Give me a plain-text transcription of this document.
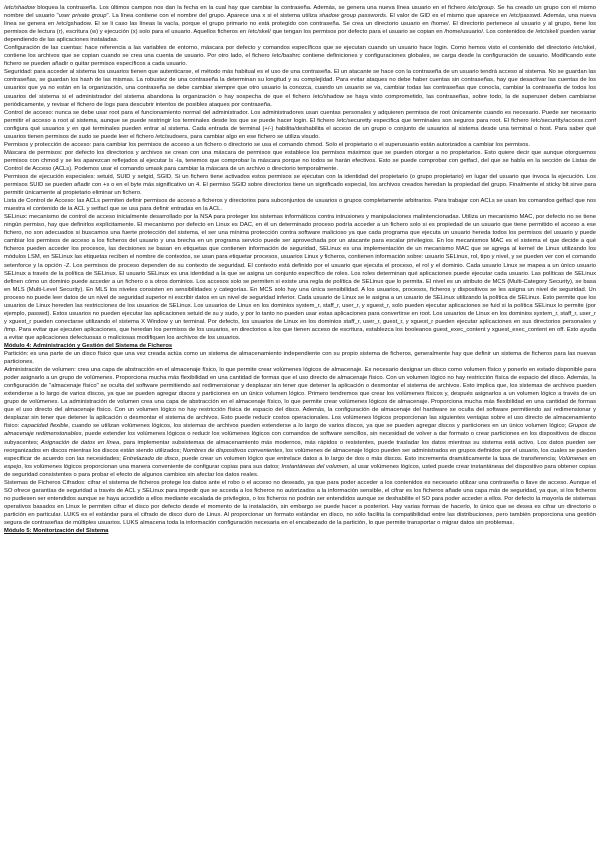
/etc/shadow bloquea la contraseña. Los últimos campos nos dan la fecha en la cual hay que cambiar la contraseña. Además, se genera una nueva línea usuario en el fichero /etc/group. Se ha creado un grupo con el mismo nombre del usuario "user private group". La línea contiene con el nombre del grupo. Aparece una x si el sistema utiliza shadow group passwords. El valor de GID es el mismo que aparece en /etc/passwd. Además, una nueva línea se genera en /etc/gshadow. El se li caso las líneas la vacía, porque el grupo primario no está protegido con contraseña. Se crea un directorio usuario en /home/. El directorio pertenece al usuario y al grupo, tiene los permisos de lectura (r), escritura (w) y ejecución (x) solo para el usuario. Aquellos ficheros en /etc/skel/ que tengan los permisos por defecto para el usuario se copian en /home/usuario/. Los contenidos de /etc/skel/ pueden variar dependiendo de las aplicaciones instaladas.

Configuración de las cuentas: hace referencia a las variables de entorno, máscara por defecto y comandos específicos que se ejecutan cuando un usuario hace login. Como hemos visto el contenido del directorio /etc/skel, contiene los archivos que se copian cuando se crea una cuenta de usuario. Por otro lado, el fichero /etc/bashrc contiene definiciones y configuraciones globales, se carga desde la configuración de usuario. Modificando este fichero se pueden añadir o quitar permisos específicos a cada usuario.

Seguridad: para acceder al sistema los usuarios tienen que autenticarse, el método más habitual es el uso de una contraseña. El un atacante se hace con la contraseña de un usuario tendrá acceso al sistema. No se guardan las contraseñas, se guardan los hash de las mismas. La robustez de una contraseña la determinan su longitud y su complejidad. Para evitar ataques no debe haber cuentas sin contraseñas, hay que desactivar las cuentas de los usuarios que ya no están en la organización, una contraseña se debe cambiar siempre que otro usuario la conozca, cuando un usuario se va, cambiar todas las contraseñas que conocía, cambiar la contraseña de todos los usuarios del sistema si el administrador del sistema abandona la organización o hay sospecha de que el fichero /etc/shadow se haya visto comprometido, las contraseñas, sobre todo, la de superuser deben cambiarse periódicamente, y revisar el fichero de logs para descubrir intentos de posibles ataques por contraseña.

Control de acceso: nunca se debe usar root para el funcionamiento normal del administrador. Los administradores usan cuentas personales y adquieren permisos de root únicamente cuando es necesario. Puede ser necesario permitir el acceso a root al sistema, aunque se puede restringir los terminales desde los que se puede hacer login. El fichero /etc/securetty especifica que terminales son seguros para root. El fichero /etc/securitty/access.conf configura qué usuarios y en qué terminales pueden entrar al sistema. Cada entrada de terminal (+/-) habilita/deshabilita el acceso de un grupo o conjunto de usuarios al sistema desde una terminal o host. Para saber qué usuarios tienen permisos de sudo se puede leer el fichero /etc/sudoers, para cambiar algo en ese fichero se utiliza visudo.

Permisos y protección de acceso: para cambiar los permisos de acceso a un fichero o directorio se usa el comando chmod. Solo el propietario o el superusuario están autorizados a cambiar los permisos.

Máscara de permisos: por defecto los directorios y archivos se crean con una máscara de permisos que establece los permisos máximos que se pueden otorgar a no propietarios. Esto quiere decir que aunque otorguemos permisos con chmod y se les aparezcan reflejados al ejecutar ls -la, tenemos que comprobar la máscara porque no todos se harán efectivos. Esto se puede comprobar con getfacl, del que se habla en la sección de Listas de Control de Acceso (ACLs). Podemos usar el comando umask para cambiar la máscara de un archivo o directorio temporalmente.

Permisos de ejecución especiales: setuid, SUID y setgid, SGID. Si un fichero tiene activados estos permisos se ejecutan con la identidad del propietario (o grupo propietario) en lugar del usuario que invoca la ejecución. Los permisos SUID se pueden añadir con +s o en el byte más significativo un 4. El permiso SGID sobre directorios tiene un significado especial, los archivos creados heredan la propiedad del grupo. Finalmente el sticky bit sirve para permitir únicamente al propietario eliminar un fichero.

Lista de Control de Acceso: las ACLs permiten definir permisos de acceso a ficheros y directorios para subconjuntos de usuarios o grupos completamente arbitrarios. Para trabajar con ACLs se usan los comandos getfacl que nos muestra el contenido de la ACL y setfacl que se usa para definir entradas en la ACL.

SELinux: mecanismo de control de acceso inicialmente desarrollado por la NSA para proteger los sistemas informáticos contra intrusiones y manipulaciones malintencionadas. Utiliza un mecanismo MAC, por defecto no se tiene ningún permiso, hay que definirlos explícitamente. El mecanismo por defecto en Linux es DAC, en él un determinado proceso podría acceder a un fichero solo si es propiedad de un usuario que tiene permitido el acceso a ese fichero, no son adecuados si buscamos una fuerte protección del sistema, el ser una mínima protección contra software malicioso ya que cada programa que ejecuta un usuario hereda todos los permisos del usuario y puede cambiar los permisos de acceso a los ficheros del usuario y una brecha en un programa servicio puede ser aprovechada por un atacante para escalar privilegios. En los mecanismos MAC es el sistema el que decide a qué ficheros pueden acceder los procesos, las decisiones se basan en etiquetas que contienen información de seguridad, SELinux es una implementación de un mecanismo MAC que se agrega al kernel de Linux utilizando los módulos LSM, en SELinux las etiquetas reciben el nombre de contextos, se usan para etiquetar procesos, usuarios Linux y ficheros, contienen información sobre: usuario SELinux, rol, tipo y nivel, y se pueden ver con el comando setenforce y la opción -Z. Los permisos de proceso dependen de su contexto de seguridad. El contexto está definido por el usuario que ejecuta el proceso, el rol y el dominio. Cada usuario Linux se mapea a un único usuario SELinux a través de la política de SELinux. El usuario SELinux es una identidad a la que se asigna un conjunto específico de roles. Los roles determinan qué aplicaciones puede ejecutar cada usuario. Las políticas de SELinux definen cómo un dominio puede acceder a un fichero o a otros dominios. Los accesos solo se permiten si existe una regla de política de SELinux que lo permita. El nivel es un atributo de MCS (Multi-Category Security), se basa en MLS (Multi-Level Security). En MLS los niveles consisten en sensibilidades y categorías. En MCS solo hay una única sensibilidad. A los usuarios, procesos, ficheros y dispositivos se les asigna un nivel de seguridad. Un proceso no puede leer datos de un nivel de seguridad superior ni escribir datos en un nivel de seguridad inferior. Cada usuario de Linux se le asigna a un usuario de SELinux utilizando la política de SELinux. Esto permite que los usuarios de Linux hereden las restricciones de los usuarios de SELinux. Los usuarios de Linux en los dominios system_r, staff_r, user_r, y xguest_r, solo pueden ejecutar aplicaciones se fuid si la política SELinux lo permite (por ejemplo, passwd). Estos usuarios no pueden ejecutar las aplicaciones setuid de su y sudo, y por lo tanto no pueden usar estas aplicaciones para convertirse en root. Los usuarios de Linux en los dominios system_r, staff_r, user_r y xguest_r pueden conectarse utilizando el sistema X Window y un terminal. Por defecto, los usuarios de Linux en los dominios staff_r, user_r, guest_r, y xguest_r pueden ejecutar aplicaciones en sus directorios personales y /tmp. Para evitar que ejecuten aplicaciones, que heredan los permisos de los usuarios, en directorios a los que tienen acceso de escritura, establezca los booleanos guest_exec_content y xguest_exec_content en off. Esto ayuda a evitar que aplicaciones defectuosas o maliciosas modifiquen los archivos de los usuarios.

Módulo 4: Administración y Gestión del Sistema de Ficheros

Partición: es una parte de un disco físico que una vez creada actúa como un sistema de almacenamiento independiente con su propio sistema de ficheros, generalmente hay que definir un sistema de ficheros para las nuevas particiones.

Administración de volumen: crea una capa de abstracción en el almacenaje físico, lo que permite crear volúmenes lógicos de almacenaje. Es necesario designar un disco como volumen físico y ponerlo en estado disponible para poder asignarlo a un grupo de volúmenes. Proporciona mucha más flexibilidad en una cantidad de formas que el uso directo de almacenaje físico. Con un volumen lógico no hay restricción física de espacio del disco. Además, la configuración de "almacenaje físico" se oculta del software permitiendo así redimensionar y desplazar sin tener que detener la aplicación o desmontar el sistema de archivos. Esto implica que, los sistemas de archivos pueden extenderse a lo largo de varios discos, ya que se pueden agregar discos y particiones en un único volumen lógico. Primero tendremos que crear los volúmenes físicos y, después asignarlos a un volumen lógico a través de un grupo de volúmenes. La administración de volumen crea una capa de abstracción en el almacenaje físico, lo que permite crear volúmenes lógicos de almacenaje. Proporciona mucha más flexibilidad en una cantidad de formas que el uso directo del almacenaje físico. Con un volumen lógico no hay restricción física de espacio del disco. Además, la configuración de almacenaje del hardware se oculta del software permitiendo así redimensionar y desplazar sin tener que detener la aplicación o desmontar el sistema de archivos. Esto puede reducir costos operacionales. Los volúmenes lógicos proporcionan las siguientes ventajas sobre el uso directo de almacenamiento físico: capacidad flexible, cuando se utilizan volúmenes lógicos, los sistemas de archivos pueden extenderse a lo largo de varios discos, ya que se pueden agregar discos y particiones en un único volumen lógico; Grupos de almacenaje redimensionables, puede extender los volúmenes lógicos o reducir los volúmenes lógicos con comandos de software sencillos, sin necesidad de volver a dar formato o crear particiones en los dispositivos de discos subyacentes; Asignación de datos en línea, para implementar subsistemas de almacenamiento más modernos, más rápidos o resistentes, puede trasladar los datos mientras su sistema está activo. Los datos pueden ser reorganizados en discos mientras los discos están siendo utilizados; Nombres de dispositivos convenientes, los volúmenes de almacenaje lógico pueden ser administrados en grupos definidos por el usuario, los cuales se pueden especificar de acuerdo con las necesidades; Entrelazado de disco, puede crear un volumen lógico que entrelace datos a lo largo de dos o más discos. Esto incrementa dramáticamente la tasa de transferencia; Volúmenes en espejo, los volúmenes lógicos proporcionan una manera conveniente de configurar copias para sus datos; Instantáneas del volumen, al usar volúmenes lógicos, usted puede crear instantáneas del dispositivo para obtener copias de seguridad consistentes o para probar el efecto de algunos cambios sin afectar los datos reales.

Sistemas de Ficheros Cifrados: cifrar el sistema de ficheros protege los datos ante el robo o el acceso no deseado, ya que para poder acceder a los contenidos es necesario utilizar una contraseña o llave de acceso. Aunque el SO ofrece garantías de seguridad a través de ACL y SELinux para impedir que se acceda a los ficheros no autorizados a la información sensible, el cifrar es los ficheros añade una capa más de seguridad, ya que, si los ficheros no pudiesen ser entendidos aunque se haya accedido a ellos mediante escalada de privilegios, o los ficheros no podrán ser entendidos aunque se deshabilite el SO para poder acceder a ellos. Por defecto la mayoría de sistemas operativos basados en Linux le permiten cifrar el disco por defecto desde el momento de la instalación, sin embargo se puede hacer a posteriori. Hay varias formas de hacerlo, lo único que se desea es cifrar un directorio o partición en particular. LUKS es el estándar para el cifrado de disco duro de Linux. Al proporcionar un formato estándar en disco, no sólo facilita la compatibilidad entre las distribuciones, pero también proporciona una gestión segura de contraseñas de múltiples usuarios. LUKS almacena toda la información configuración necesaria en el encabezado de la partición, lo que permite transportar o migrar datos sin problemas.

Módulo 5: Monitorización del Sistema
